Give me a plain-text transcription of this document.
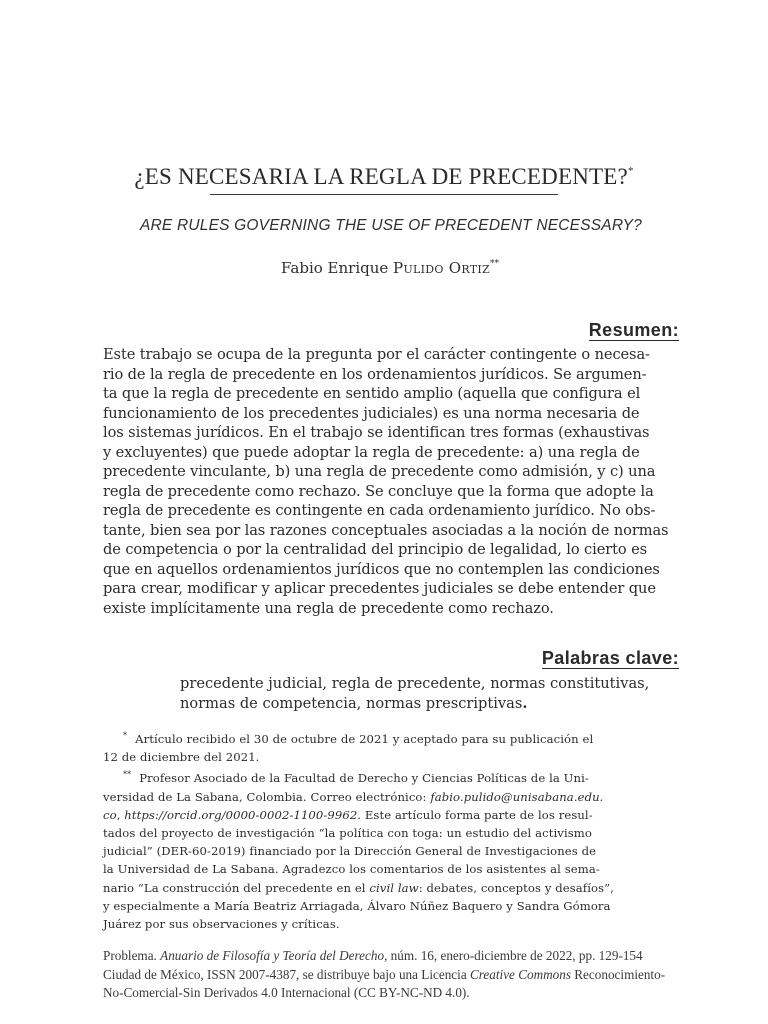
¿ES NECESARIA LA REGLA DE PRECEDENTE?*
ARE RULES GOVERNING THE USE OF PRECEDENT NECESSARY?
Fabio Enrique Pulido Ortiz**
Resumen:
Este trabajo se ocupa de la pregunta por el carácter contingente o necesa-
rio de la regla de precedente en los ordenamientos jurídicos. Se argumen-
ta que la regla de precedente en sentido amplio (aquella que configura el
funcionamiento de los precedentes judiciales) es una norma necesaria de
los sistemas jurídicos. En el trabajo se identifican tres formas (exhaustivas
y excluyentes) que puede adoptar la regla de precedente: a) una regla de
precedente vinculante, b) una regla de precedente como admisión, y c) una
regla de precedente como rechazo. Se concluye que la forma que adopte la
regla de precedente es contingente en cada ordenamiento jurídico. No obs-
tante, bien sea por las razones conceptuales asociadas a la noción de normas
de competencia o por la centralidad del principio de legalidad, lo cierto es
que en aquellos ordenamientos jurídicos que no contemplen las condiciones
para crear, modificar y aplicar precedentes judiciales se debe entender que
existe implícitamente una regla de precedente como rechazo.
Palabras clave:
precedente judicial, regla de precedente, normas constitutivas,
normas de competencia, normas prescriptivas.

* Artículo recibido el 30 de octubre de 2021 y aceptado para su publicación el
12 de diciembre del 2021.

** Profesor Asociado de la Facultad de Derecho y Ciencias Políticas de la Uni-
versidad de La Sabana, Colombia. Correo electrónico: fabio.pulido@unisabana.edu.
co, https://orcid.org/0000-0002-1100-9962. Este artículo forma parte de los resul-
tados del proyecto de investigación “la política con toga: un estudio del activismo
judicial” (DER-60-2019) financiado por la Dirección General de Investigaciones de
la Universidad de La Sabana. Agradezco los comentarios de los asistentes al sema-
nario “La construcción del precedente en el civil law: debates, conceptos y desafíos”,
y especialmente a María Beatriz Arriagada, Álvaro Núñez Baquero y Sandra Gómora
Juárez por sus observaciones y críticas.

Problema. Anuario de Filosofía y Teoría del Derecho, núm. 16, enero-diciembre de 2022, pp. 129-154
Ciudad de México, ISSN 2007-4387, se distribuye bajo una Licencia Creative Commons Reconocimiento-
No-Comercial-Sin Derivados 4.0 Internacional (CC BY-NC-ND 4.0).
